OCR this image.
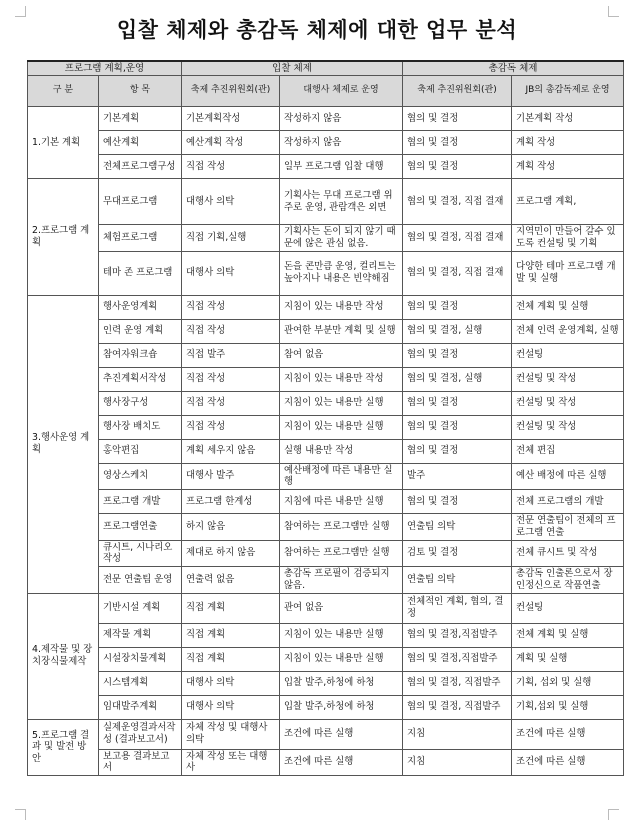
입찰 체제와 총감독 체제에 대한 업무 분석
프로그램 계획,운영		입찰 체제		총감독 체제	
구 분	항 목	축제 추진위원회(관)	대행사 체제로 운영	축제 추진위원회(관)	JB의 총감독제로 운영
1.기본 계획	기본계획	기본계획작성	작성하지 않음	협의 및 결정	기본계획 작성
	예산계획	예산계획 작성	작성하지 않음	협의 및 결정	계획 작성
	전체프로그램구성	직접 작성	일부 프로그램 입찰 대행	협의 및 결정	계획 작성
2.프로그램 계획	무대프로그램	대행사 의탁	기획사는 무대 프로그램 위주로 운영, 관람객은 외면	협의 및 결정, 직접 결재	프로그램 계획,
	체험프로그램	직접 기획,실행	기획사는 돈이 되지 않기 때문에 않은 관심 없음.	협의 및 결정, 직접 결재	지역민이 만들어 갈수 있도록 컨설팅 및 기획
	테마 존 프로그램	대행사 의탁	돈을 콘만큼 운영, 컬리트는 높아지나 내용은 빈약해짐	협의 및 결정, 직접 결재	다양한 테마 프로그램 개발 및 실행
3.행사운영 계획	행사운영계획	직접 작성	지침이 있는 내용만 작성	협의 및 결정	전체 계획 및 실행
	인력 운영 계획	직접 작성	관여한 부분만 계획 및 실행	협의 및 결정, 실행	전체 인력 운영계획, 실행
	참여자워크숍	직접 발주	참여 없음	협의 및 결정	컨설팅
	추진계획서작성	직접 작성	지침이 있는 내용만 작성	협의 및 결정, 실행	컨설팅 및 작성
	행사장구성	직접 작성	지침이 있는 내용만 실행	협의 및 결정	컨설팅 및 작성
	행사장 배치도	직접 작성	지침이 있는 내용만 실행	협의 및 결정	컨설팅 및 작성
	홍악편집	계획 세우지 않음	실행 내용만 작성	협의 및 결정	전체 편집
	영상스케치	대행사 발주	예산배정에 따른 내용만 실행	발주	예산 배정에 따른 실행
	프로그램 개발	프로그램 한계성	지침에 따른 내용만 실행	협의 및 결정	전체 프로그램의 개발
	프로그램연출	하지 않음	참여하는 프로그램만 실행	연출팀 의탁	전문 연출팀이 전체의 프로그램 연출
	큐시트, 시나리오작성	제대로 하지 않음	참여하는 프로그램만 실행	검토 및 결정	전체 큐시트 및 작성
	전문 연출팀 운영	연출력 없음	총감독 프로필이 검증되지 않음.	연출팀 의탁	총감독 인출론으로서 장인정신으로 작품연출
4.제작물 및 장치장식물제작	기반시설 계획	직접 계획	관여 없음	전체적인 계획, 협의, 결정	컨설팅
	제작물 계획	직접 계획	지침이 있는 내용만 실행	협의 및 결정,직접발주	전체 계획 및 실행
	시설장치물계획	직접 계획	지침이 있는 내용만 실행	협의 및 결정,직접발주	계획 및 실행
	시스템계획	대행사 의탁	입찰 발주,하청에 하청	협의 및 결정, 직접발주	기획, 섭외 및 실행
	임대발주계획	대행사 의탁	입찰 발주,하청에 하청	협의 및 결정, 직접발주	기획,섭외 및 실행
5.프로그램 결과 및 발전 방안	실제운영결과서작성 (결과보고서)	자체 작성 및 대행사의탁	조건에 따른 실행	지침	조건에 따른 실행
	보고용 결과보고서	자체 작성 또는 대행사	조건에 따른 실행	지침	조건에 따른 실행
